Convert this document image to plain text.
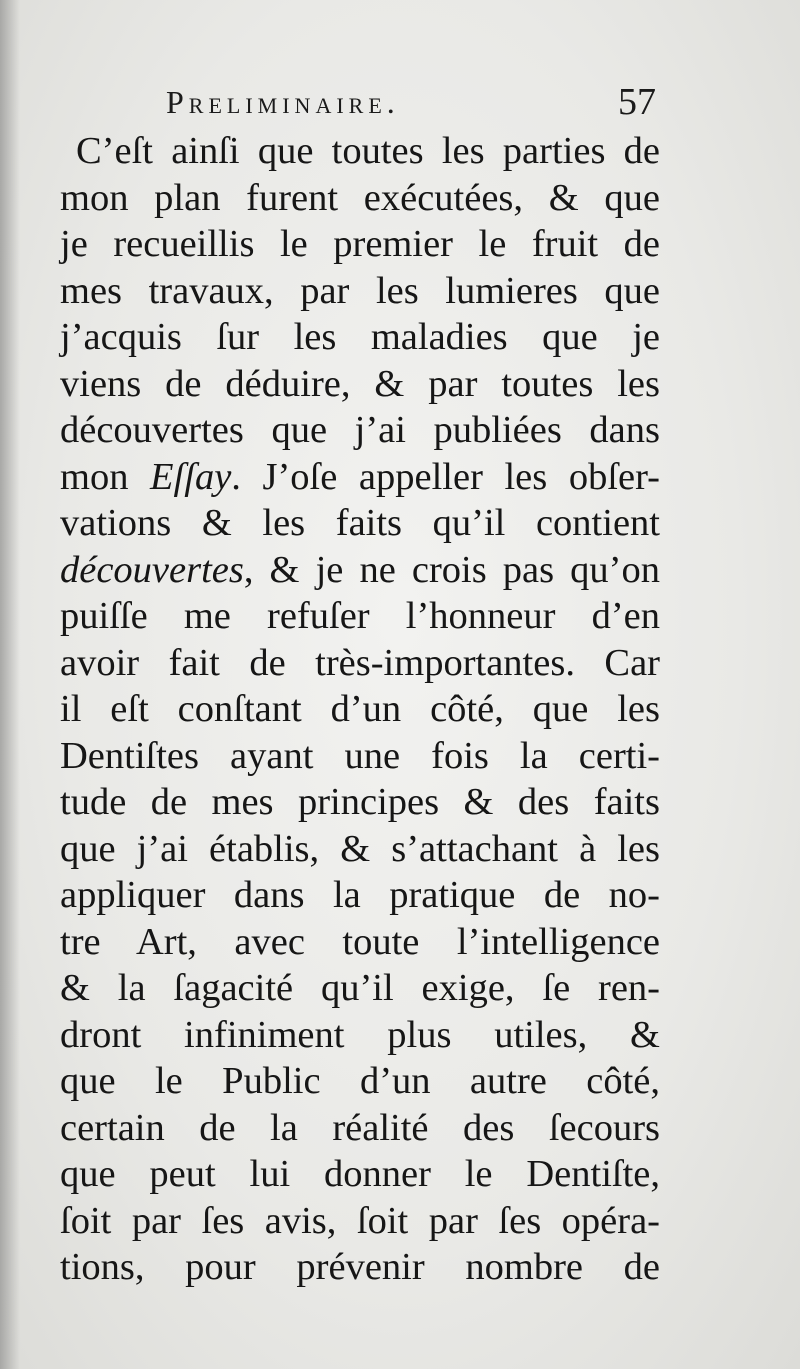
Preliminaire.	57
C’eſt ainſi que toutes les parties de
mon plan furent exécutées, & que
je recueillis le premier le fruit de
mes travaux, par les lumieres que
j’acquis ſur les maladies que je
viens de déduire, & par toutes les
découvertes que j’ai publiées dans
mon Eſſay. J’oſe appeller les obſer-
vations & les faits qu’il contient
découvertes, & je ne crois pas qu’on
puiſſe me refuſer l’honneur d’en
avoir fait de très-importantes. Car
il eſt conſtant d’un côté, que les
Dentiſtes ayant une fois la certi-
tude de mes principes & des faits
que j’ai établis, & s’attachant à les
appliquer dans la pratique de no-
tre Art, avec toute l’intelligence
& la ſagacité qu’il exige, ſe ren-
dront infiniment plus utiles, &
que le Public d’un autre côté,
certain de la réalité des ſecours
que peut lui donner le Dentiſte,
ſoit par ſes avis, ſoit par ſes opéra-
tions, pour prévenir nombre de
